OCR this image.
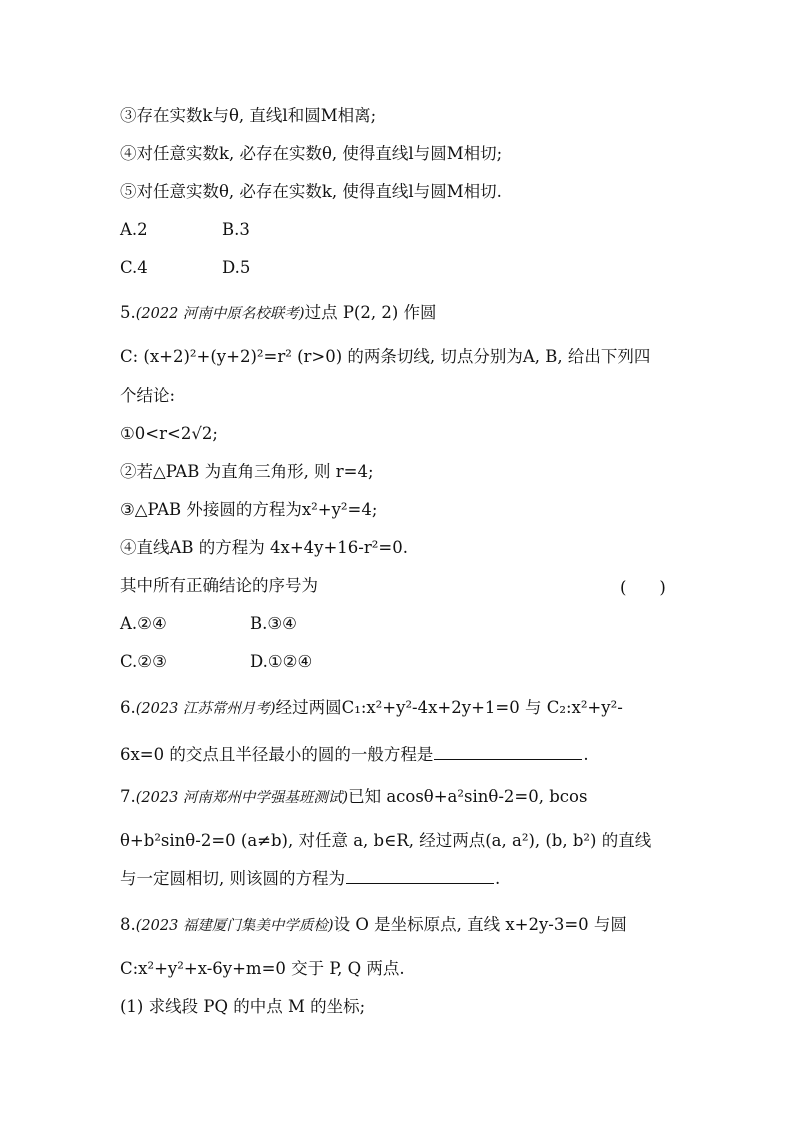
③存在实数k与θ, 直线l和圆M相离;
④对任意实数k, 必存在实数θ, 使得直线l与圆M相切;
⑤对任意实数θ, 必存在实数k, 使得直线l与圆M相切.
A.2	B.3
C.4	D.5
5.(2022 河南中原名校联考)过点 P(2, 2) 作圆
C: (x+2)²+(y+2)²=r² (r>0) 的两条切线, 切点分别为A, B, 给出下列四
个结论:
①0<r<2√2;
②若△PAB 为直角三角形, 则 r=4;
③△PAB 外接圆的方程为x²+y²=4;
④直线AB 的方程为 4x+4y+16-r²=0.
其中所有正确结论的序号为	(　　)
A.②④	B.③④
C.②③	D.①②④
6.(2023 江苏常州月考)经过两圆C₁:x²+y²-4x+2y+1=0 与 C₂:x²+y²-
6x=0 的交点且半径最小的圆的一般方程是	.
7.(2023 河南郑州中学强基班测试)已知 acosθ+a²sinθ-2=0, bcos
θ+b²sinθ-2=0 (a≠b), 对任意 a, b∈R, 经过两点(a, a²), (b, b²) 的直线
与一定圆相切, 则该圆的方程为	.
8.(2023 福建厦门集美中学质检)设 O 是坐标原点, 直线 x+2y-3=0 与圆
C:x²+y²+x-6y+m=0 交于 P, Q 两点.
(1) 求线段 PQ 的中点 M 的坐标;
